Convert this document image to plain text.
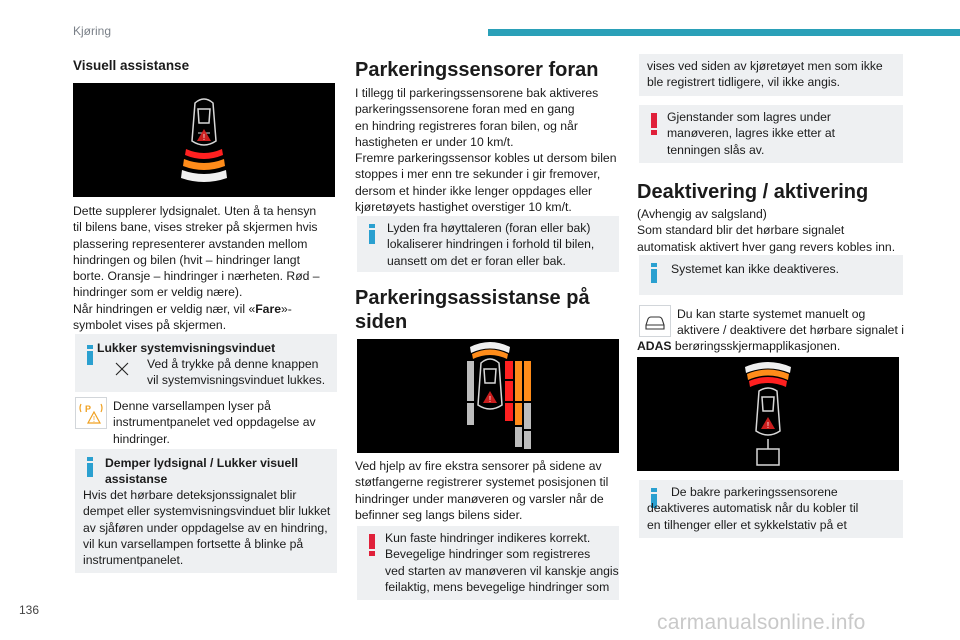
Kjøring
Visuell assistanse
!
Dette supplerer lydsignalet. Uten å ta hensyn
til bilens bane, vises streker på skjermen hvis
plassering representerer avstanden mellom
hindringen og bilen (hvit – hindringer langt
borte. Oransje – hindringer i nærheten. Rød –
hindringer som er veldig nære).
Når hindringen er veldig nær, vil «Fare»-
symbolet vises på skjermen.
Lukker systemvisningsvinduet
Ved å trykke på denne knappen
vil systemvisningsvinduet lukkes.
P
!
Denne varsellampen lyser på
instrumentpanelet ved oppdagelse av
hindringer.
Demper lydsignal / Lukker visuell
assistanse
Hvis det hørbare deteksjonssignalet blir
dempet eller systemvisningsvinduet blir lukket
av sjåføren under oppdagelse av en hindring,
vil kun varsellampen fortsette å blinke på
instrumentpanelet.
Parkeringssensorer foran
I tillegg til parkeringssensorene bak aktiveres
parkeringssensorene foran med en gang
en hindring registreres foran bilen, og når
hastigheten er under 10 km/t.
Fremre parkeringssensor kobles ut dersom bilen
stoppes i mer enn tre sekunder i gir fremover,
dersom et hinder ikke lenger oppdages eller
kjøretøyets hastighet overstiger 10 km/t.
Lyden fra høyttaleren (foran eller bak)
lokaliserer hindringen i forhold til bilen,
uansett om det er foran eller bak.
Parkeringsassistanse på
siden
!
Ved hjelp av fire ekstra sensorer på sidene av
støtfangerne registrerer systemet posisjonen til
hindringer under manøveren og varsler når de
befinner seg langs bilens sider.
Kun faste hindringer indikeres korrekt.
Bevegelige hindringer som registreres
ved starten av manøveren vil kanskje angis
feilaktig, mens bevegelige hindringer som
vises ved siden av kjøretøyet men som ikke
ble registrert tidligere, vil ikke angis.
Gjenstander som lagres under
manøveren, lagres ikke etter at
tenningen slås av.
Deaktivering / aktivering
(Avhengig av salgsland)
Som standard blir det hørbare signalet
automatisk aktivert hver gang revers kobles inn.
Systemet kan ikke deaktiveres.
Du kan starte systemet manuelt og
aktivere / deaktivere det hørbare signalet i
ADAS berøringsskjermapplikasjonen.
!
De bakre parkeringssensorene
deaktiveres automatisk når du kobler til
en tilhenger eller et sykkelstativ på et
136
carmanualsonline.info
